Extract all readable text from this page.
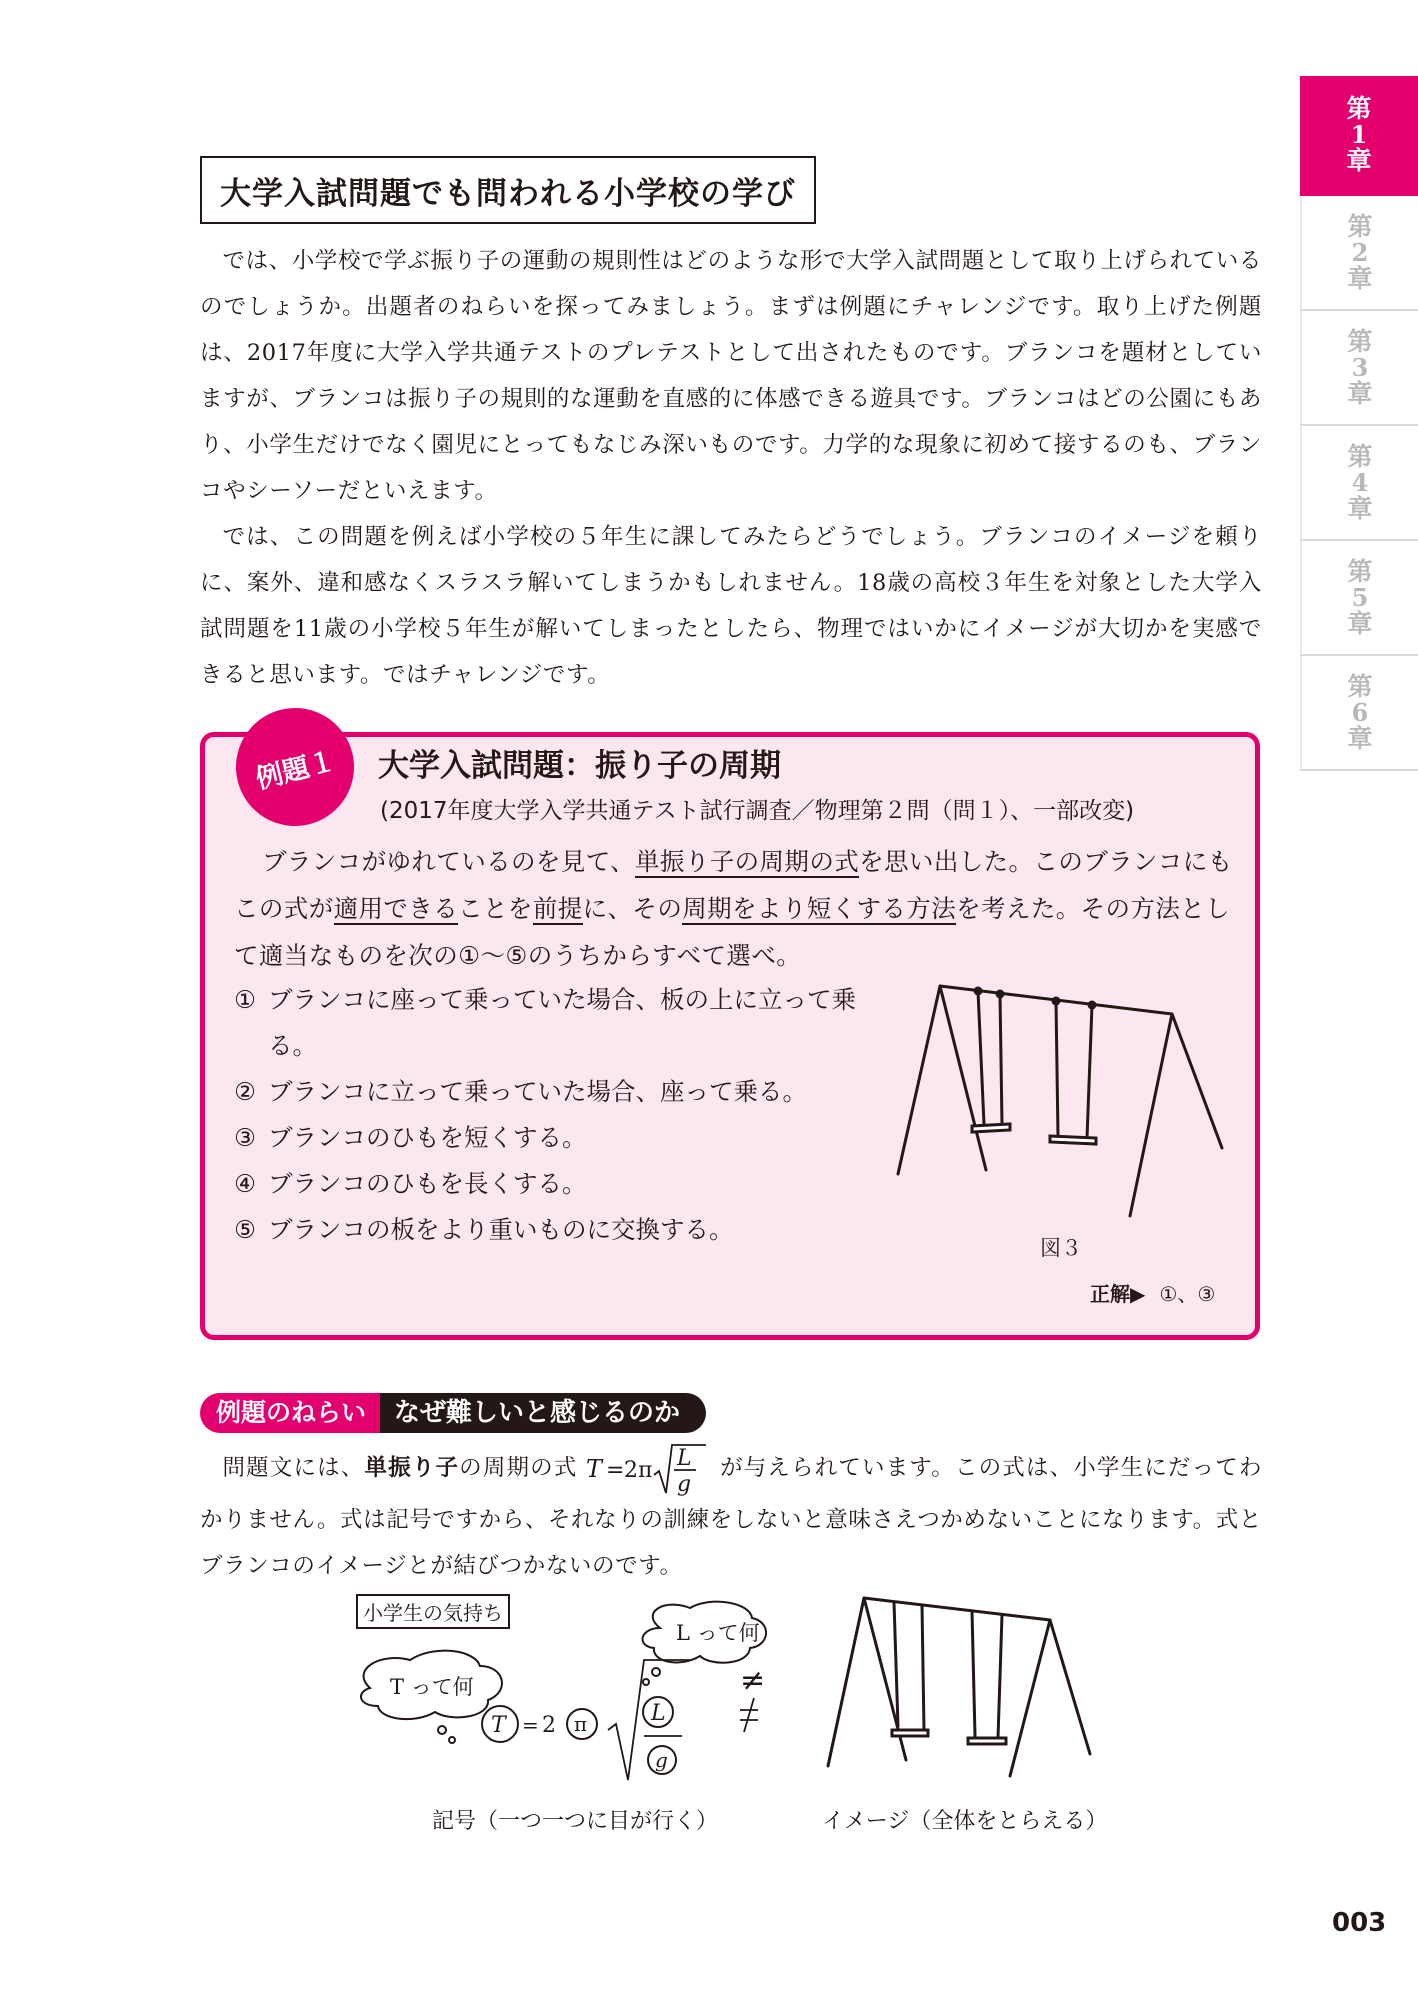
第
1
章
第
2
章
第
3
章
第
4
章
第
5
章
第
6
章
大学入試問題でも問われる小学校の学び

では、小学校で学ぶ振り子の運動の規則性はどのような形で大学入試問題として取り上げられているのでしょうか。出題者のねらいを探ってみましょう。まずは例題にチャレンジです。取り上げた例題は、2017年度に大学入学共通テストのプレテストとして出されたものです。ブランコを題材としていますが、ブランコは振り子の規則的な運動を直感的に体感できる遊具です。ブランコはどの公園にもあり、小学生だけでなく園児にとってもなじみ深いものです。力学的な現象に初めて接するのも、ブランコやシーソーだといえます。

では、この問題を例えば小学校の５年生に課してみたらどうでしょう。ブランコのイメージを頼りに、案外、違和感なくスラスラ解いてしまうかもしれません。18歳の高校３年生を対象とした大学入試問題を11歳の小学校５年生が解いてしまったとしたら、物理ではいかにイメージが大切かを実感できると思います。ではチャレンジです。

例題１	大学入試問題：振り子の周期
(2017年度大学入学共通テスト試行調査／物理第２問（問１）、一部改変)
ブランコがゆれているのを見て、単振り子の周期の式を思い出した。このブランコにもこの式が適用できることを前提に、その周期をより短くする方法を考えた。その方法として適当なものを次の①～⑤のうちからすべて選べ。
① ブランコに座って乗っていた場合、板の上に立って乗る。
② ブランコに立って乗っていた場合、座って乗る。
③ ブランコのひもを短くする。
④ ブランコのひもを長くする。
⑤ ブランコの板をより重いものに交換する。
図３
正解▶ ①、③
例題のねらい	なぜ難しいと感じるのか

問題文には、単振り子の周期の式 T =
2 π L
g
が与えられています。この式は、小学生にだってわかりません。式は記号ですから、それなりの訓練をしないと意味さえつかめないことになります。式とブランコのイメージとが結びつかないのです。

T って何
L って何
T = 2 π	L
g
小学生の気持ち
≠
記号（一つ一つに目が行く）	イメージ（全体をとらえる）
003
